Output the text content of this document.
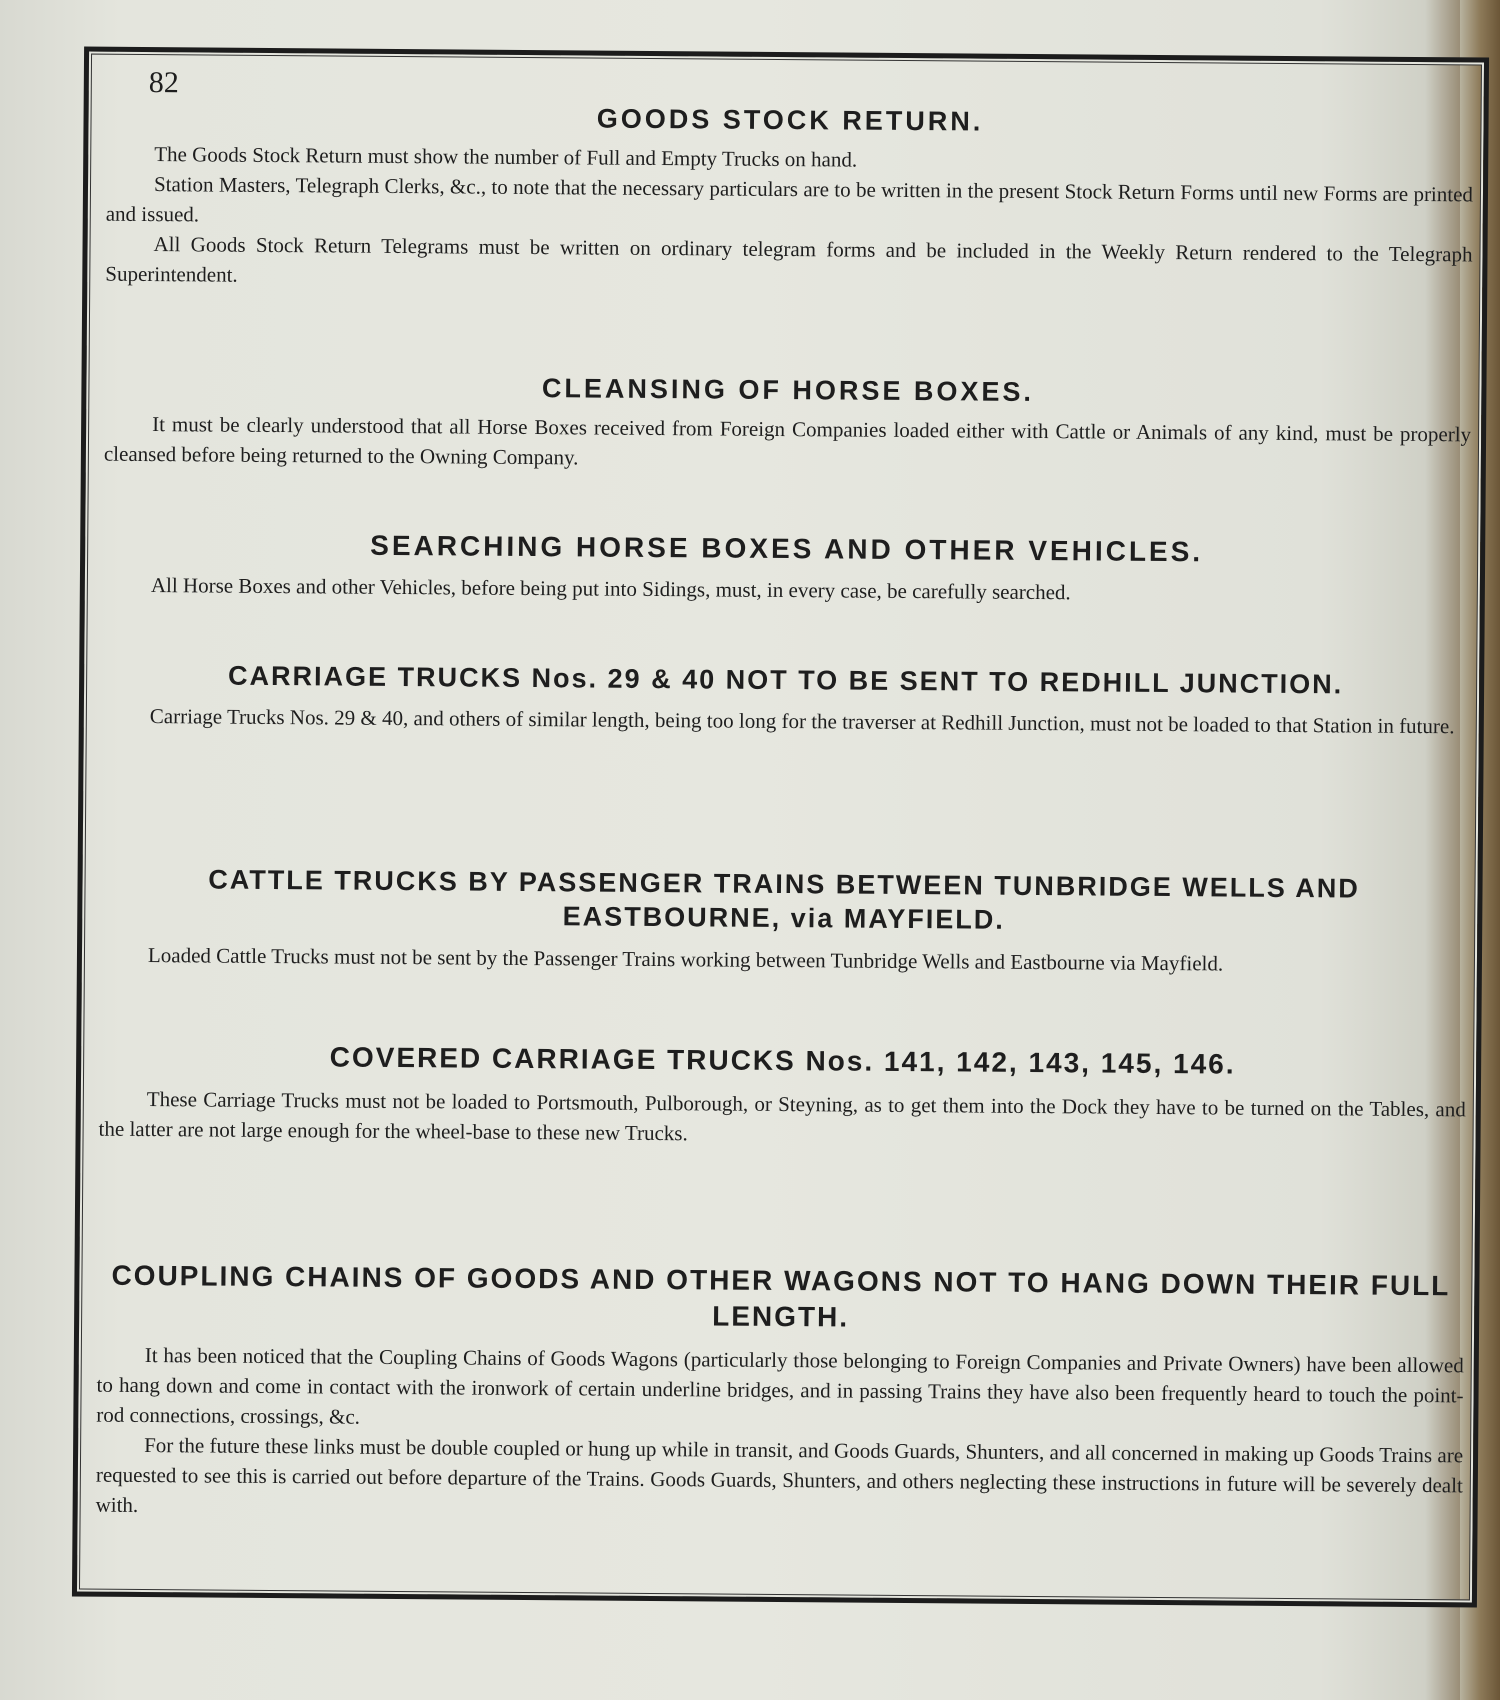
82
GOODS STOCK RETURN.

The Goods Stock Return must show the number of Full and Empty Trucks on hand.

Station Masters, Telegraph Clerks, &c., to note that the necessary particulars are to be written in the present Stock Return Forms until new Forms are printed and issued.

All Goods Stock Return Telegrams must be written on ordinary telegram forms and be included in the Weekly Return rendered to the Telegraph Superintendent.

CLEANSING OF HORSE BOXES.

It must be clearly understood that all Horse Boxes received from Foreign Companies loaded either with Cattle or Animals of any kind, must be properly cleansed before being returned to the Owning Company.

SEARCHING HORSE BOXES AND OTHER VEHICLES.

All Horse Boxes and other Vehicles, before being put into Sidings, must, in every case, be carefully searched.

CARRIAGE TRUCKS Nos. 29 & 40 NOT TO BE SENT TO REDHILL JUNCTION.

Carriage Trucks Nos. 29 & 40, and others of similar length, being too long for the traverser at Redhill Junction, must not be loaded to that Station in future.

CATTLE TRUCKS BY PASSENGER TRAINS BETWEEN TUNBRIDGE WELLS AND EASTBOURNE, via MAYFIELD.

Loaded Cattle Trucks must not be sent by the Passenger Trains working between Tunbridge Wells and Eastbourne via Mayfield.

COVERED CARRIAGE TRUCKS Nos. 141, 142, 143, 145, 146.

These Carriage Trucks must not be loaded to Portsmouth, Pulborough, or Steyning, as to get them into the Dock they have to be turned on the Tables, and the latter are not large enough for the wheel-base to these new Trucks.

COUPLING CHAINS OF GOODS AND OTHER WAGONS NOT TO HANG DOWN THEIR FULL LENGTH.

It has been noticed that the Coupling Chains of Goods Wagons (particularly those belonging to Foreign Companies and Private Owners) have been allowed to hang down and come in contact with the ironwork of certain underline bridges, and in passing Trains they have also been frequently heard to touch the point-rod connections, crossings, &c.

For the future these links must be double coupled or hung up while in transit, and Goods Guards, Shunters, and all concerned in making up Goods Trains are requested to see this is carried out before departure of the Trains. Goods Guards, Shunters, and others neglecting these instructions in future will be severely dealt with.
